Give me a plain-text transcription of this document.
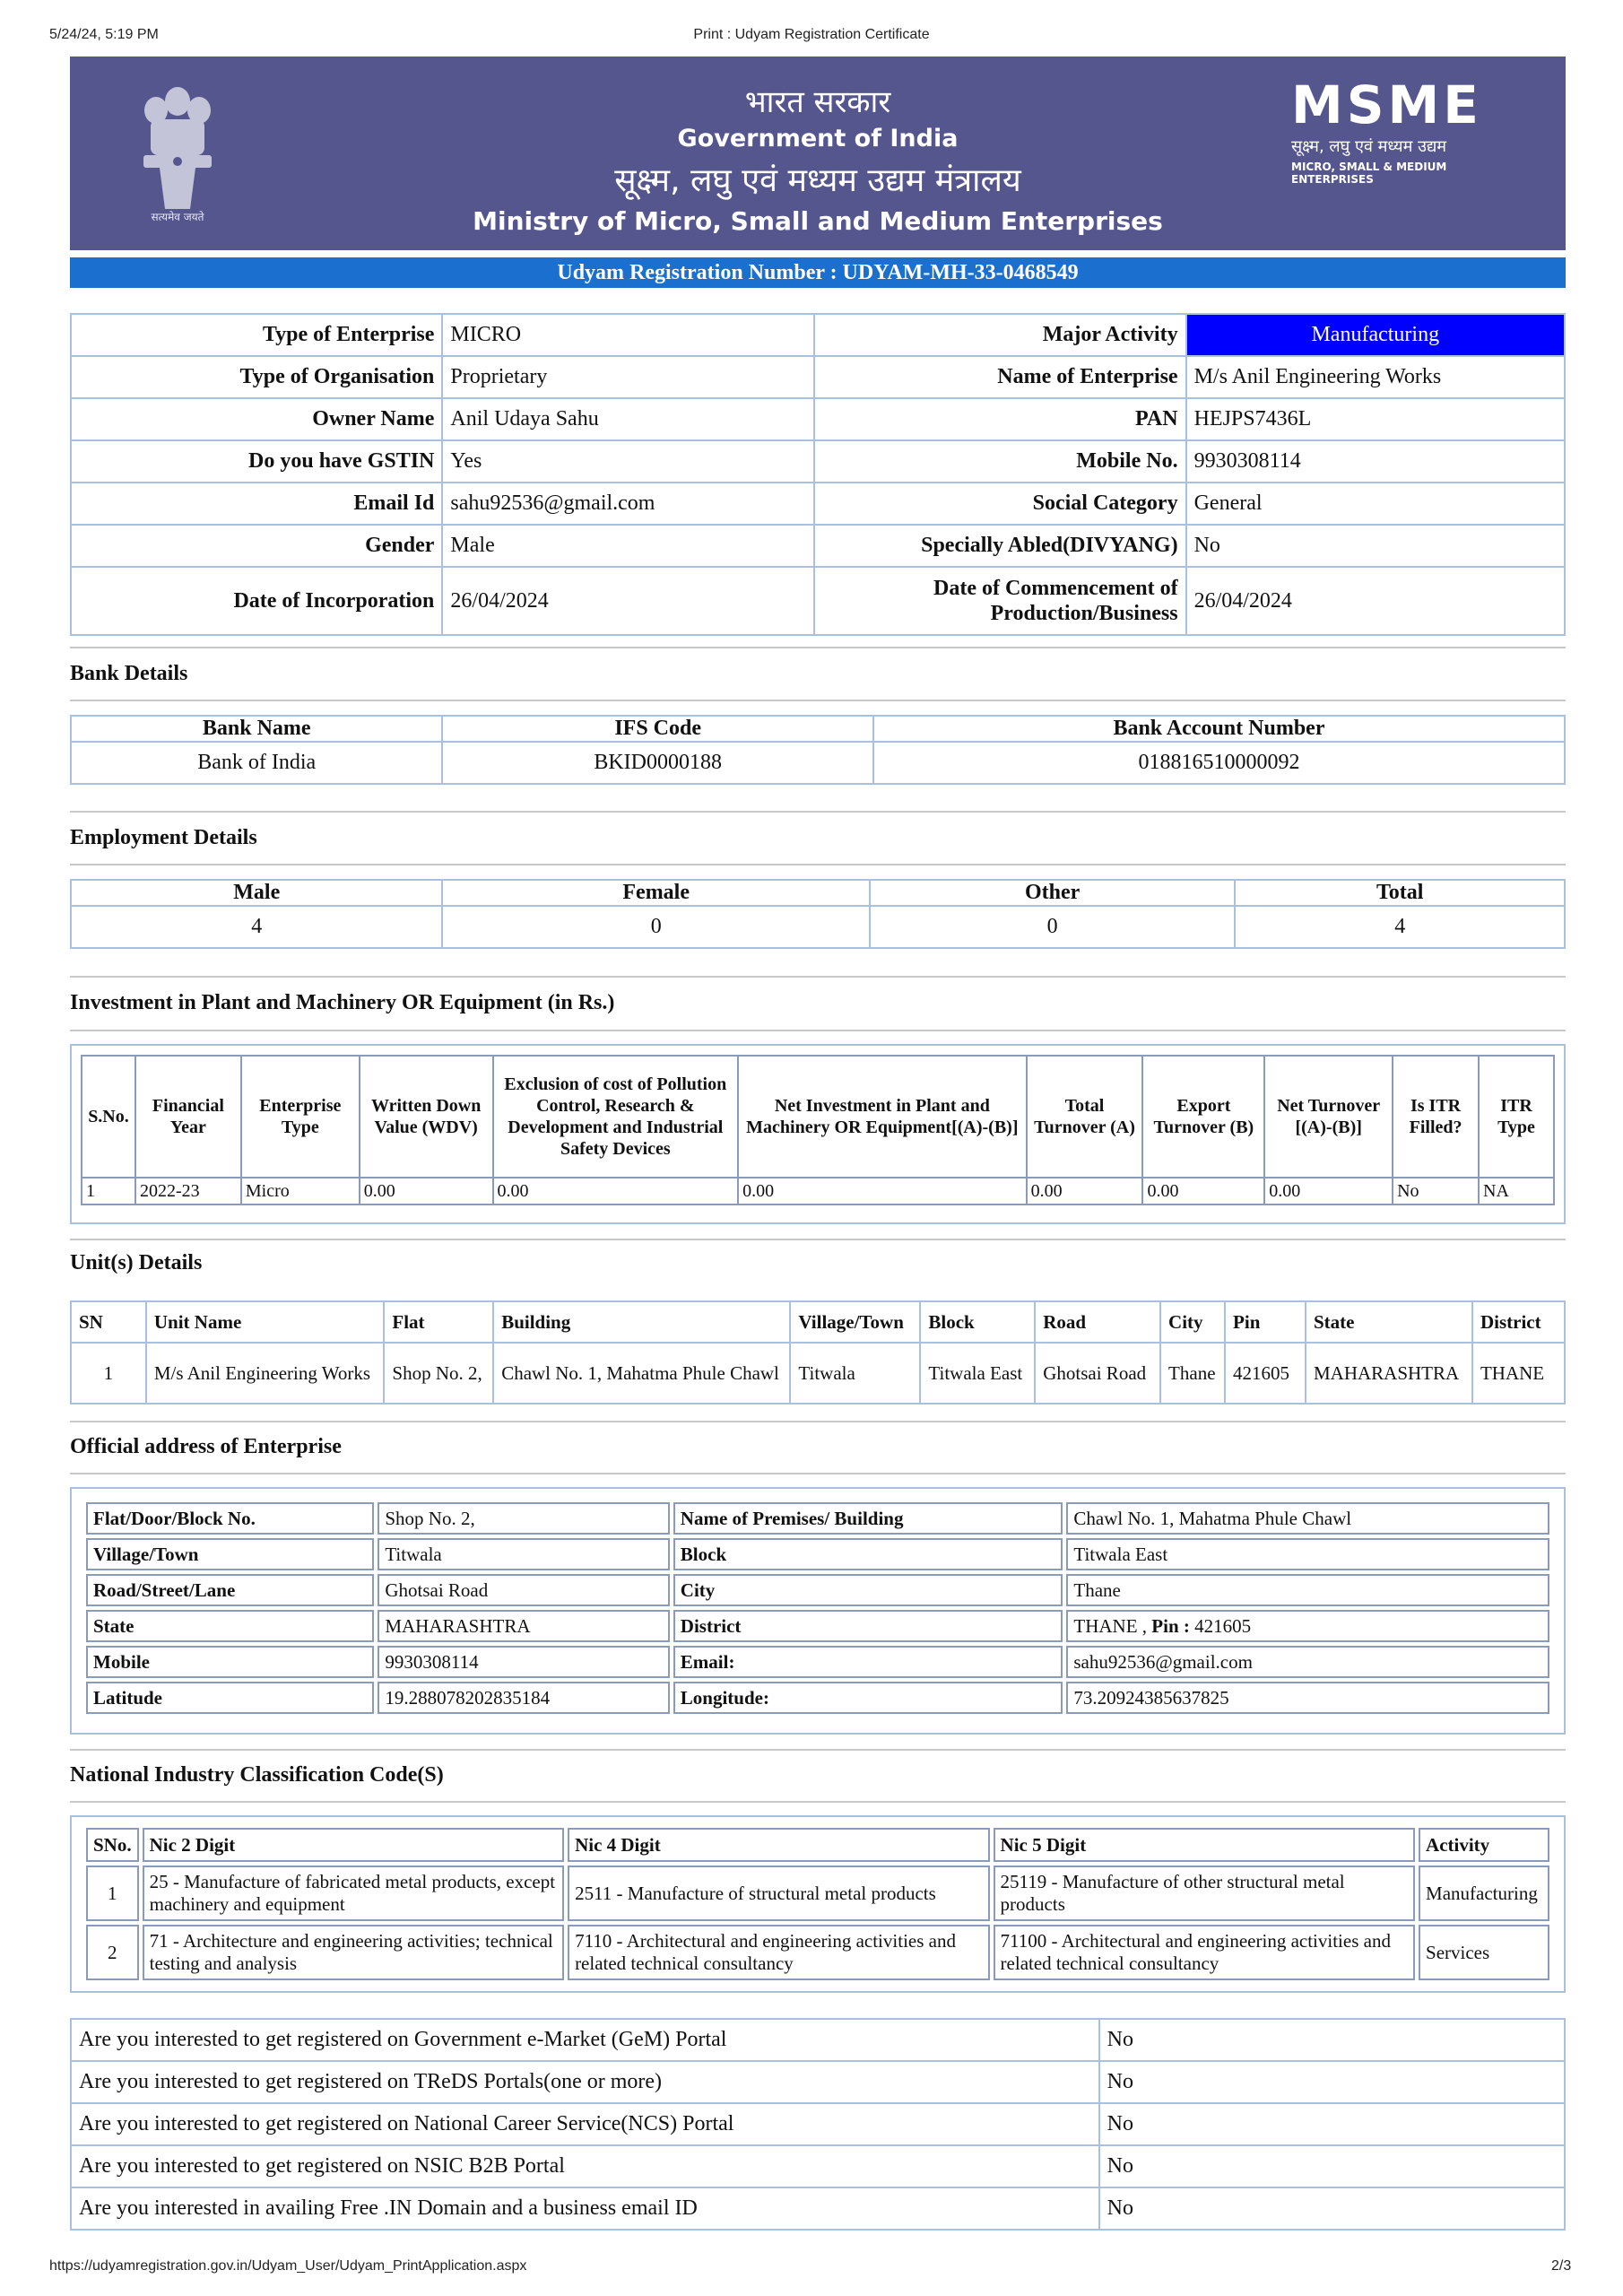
5/24/24, 5:19 PM	Print : Udyam Registration Certificate
सत्यमेव जयते
भारत सरकार
Government of India
सूक्ष्म, लघु एवं मध्यम उद्यम मंत्रालय
Ministry of Micro, Small and Medium Enterprises
MSME
सूक्ष्म, लघु एवं मध्यम उद्यम
MICRO, SMALL & MEDIUM ENTERPRISES
Udyam Registration Number : UDYAM-MH-33-0468549
Type of Enterprise	MICRO	Major Activity	Manufacturing
Type of Organisation	Proprietary	Name of Enterprise	M/s Anil Engineering Works
Owner Name	Anil Udaya Sahu	PAN	HEJPS7436L
Do you have GSTIN	Yes	Mobile No.	9930308114
Email Id	sahu92536@gmail.com	Social Category	General
Gender	Male	Specially Abled(DIVYANG)	No
Date of Incorporation	26/04/2024	Date of Commencement of Production/Business	26/04/2024
Bank Details
Bank Name	IFS Code	Bank Account Number
Bank of India	BKID0000188	018816510000092
Employment Details
Male	Female	Other	Total
4	0	0	4
Investment in Plant and Machinery OR Equipment (in Rs.)
S.No.	Financial Year	Enterprise Type	Written Down Value (WDV)	Exclusion of cost of Pollution Control, Research & Development and Industrial Safety Devices	Net Investment in Plant and Machinery OR Equipment[(A)-(B)]	Total Turnover (A)	Export Turnover (B)	Net Turnover [(A)-(B)]	Is ITR Filled?	ITR Type
1	2022-23	Micro	0.00	0.00	0.00	0.00	0.00	0.00	No	NA
Unit(s) Details
SN	Unit Name	Flat	Building	Village/Town	Block	Road	City	Pin	State	District
1	M/s Anil Engineering Works	Shop No. 2,	Chawl No. 1, Mahatma Phule Chawl	Titwala	Titwala East	Ghotsai Road	Thane	421605	MAHARASHTRA	THANE
Official address of Enterprise
Flat/Door/Block No.	Shop No. 2,	Name of Premises/ Building	Chawl No. 1, Mahatma Phule Chawl
Village/Town	Titwala	Block	Titwala East
Road/Street/Lane	Ghotsai Road	City	Thane
State	MAHARASHTRA	District	THANE , Pin : 421605
Mobile	9930308114	Email:	sahu92536@gmail.com
Latitude	19.288078202835184	Longitude:	73.20924385637825
National Industry Classification Code(S)
SNo.	Nic 2 Digit	Nic 4 Digit	Nic 5 Digit	Activity
1	25 - Manufacture of fabricated metal products, except machinery and equipment	2511 - Manufacture of structural metal products	25119 - Manufacture of other structural metal products	Manufacturing
2	71 - Architecture and engineering activities; technical testing and analysis	7110 - Architectural and engineering activities and related technical consultancy	71100 - Architectural and engineering activities and related technical consultancy	Services
Are you interested to get registered on Government e-Market (GeM) Portal	No
Are you interested to get registered on TReDS Portals(one or more)	No
Are you interested to get registered on National Career Service(NCS) Portal	No
Are you interested to get registered on NSIC B2B Portal	No
Are you interested in availing Free .IN Domain and a business email ID	No
https://udyamregistration.gov.in/Udyam_User/Udyam_PrintApplication.aspx	2/3
